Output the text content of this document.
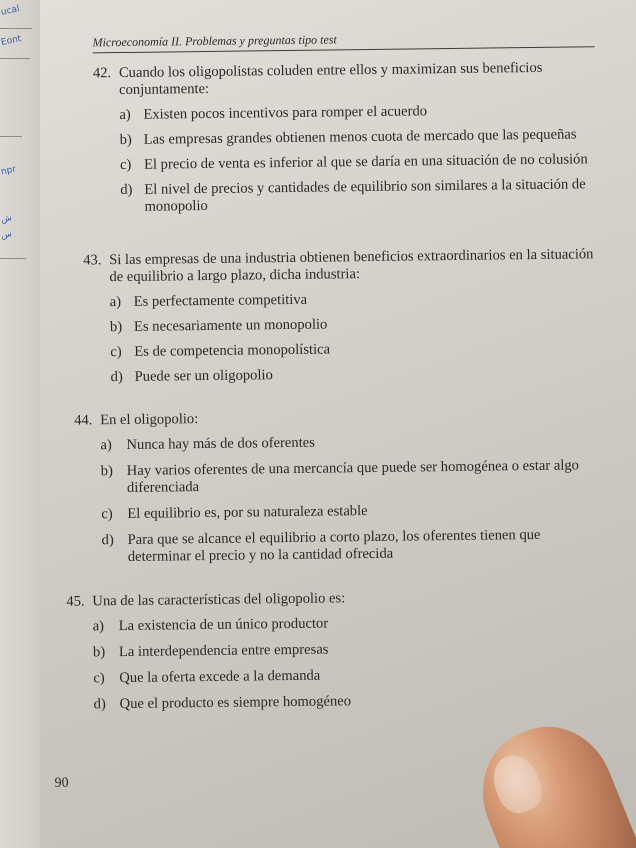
ucal
Eont
npr
ش
س
Microeconomía II. Problemas y preguntas tipo test
42. Cuando los oligopolistas coluden entre ellos y maximizan sus beneficios conjuntamente:
a) Existen pocos incentivos para romper el acuerdo
b) Las empresas grandes obtienen menos cuota de mercado que las pequeñas
c) El precio de venta es inferior al que se daría en una situación de no colusión
d) El nivel de precios y cantidades de equilibrio son similares a la situación de monopolio
43. Si las empresas de una industria obtienen beneficios extraordinarios en la situación de equilibrio a largo plazo, dicha industria:
a) Es perfectamente competitiva
b) Es necesariamente un monopolio
c) Es de competencia monopolística
d) Puede ser un oligopolio
44. En el oligopolio:
a) Nunca hay más de dos oferentes
b) Hay varios oferentes de una mercancía que puede ser homogénea o estar algo diferenciada
c) El equilibrio es, por su naturaleza estable
d) Para que se alcance el equilibrio a corto plazo, los oferentes tienen que determinar el precio y no la cantidad ofrecida
45. Una de las características del oligopolio es:
a) La existencia de un único productor
b) La interdependencia entre empresas
c) Que la oferta excede a la demanda
d) Que el producto es siempre homogéneo
90
